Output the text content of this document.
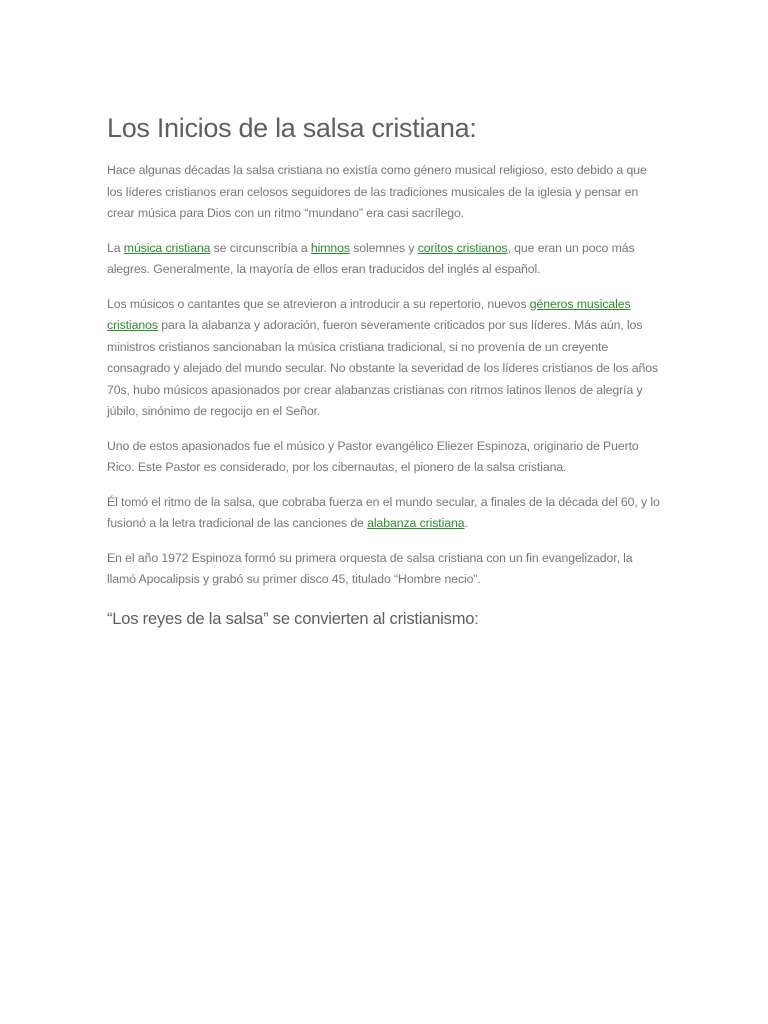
Los Inicios de la salsa cristiana:

Hace algunas décadas la salsa cristiana no existía como género musical religioso, esto debido a que los líderes cristianos eran celosos seguidores de las tradiciones musicales de la iglesia y pensar en crear música para Dios con un ritmo “mundano” era casi sacrílego.

La música cristiana se circunscribía a himnos solemnes y coritos cristianos, que eran un poco más alegres. Generalmente, la mayoría de ellos eran traducidos del inglés al español.

Los músicos o cantantes que se atrevieron a introducir a su repertorio, nuevos géneros musicales cristianos para la alabanza y adoración, fueron severamente criticados por sus líderes. Más aún, los ministros cristianos sancionaban la música cristiana tradicional, si no provenía de un creyente consagrado y alejado del mundo secular. No obstante la severidad de los líderes cristianos de los años 70s, hubo músicos apasionados por crear alabanzas cristianas con ritmos latinos llenos de alegría y júbilo, sinónimo de regocijo en el Señor.

Uno de estos apasionados fue el músico y Pastor evangélico Eliezer Espinoza, originario de Puerto Rico. Este Pastor es considerado, por los cibernautas, el pionero de la salsa cristiana.

Él tomó el ritmo de la salsa, que cobraba fuerza en el mundo secular, a finales de la década del 60, y lo fusionó a la letra tradicional de las canciones de alabanza cristiana.

En el año 1972 Espinoza formó su primera orquesta de salsa cristiana con un fin evangelizador, la llamó Apocalipsis y grabó su primer disco 45, titulado “Hombre necio”.

“Los reyes de la salsa” se convierten al cristianismo:
